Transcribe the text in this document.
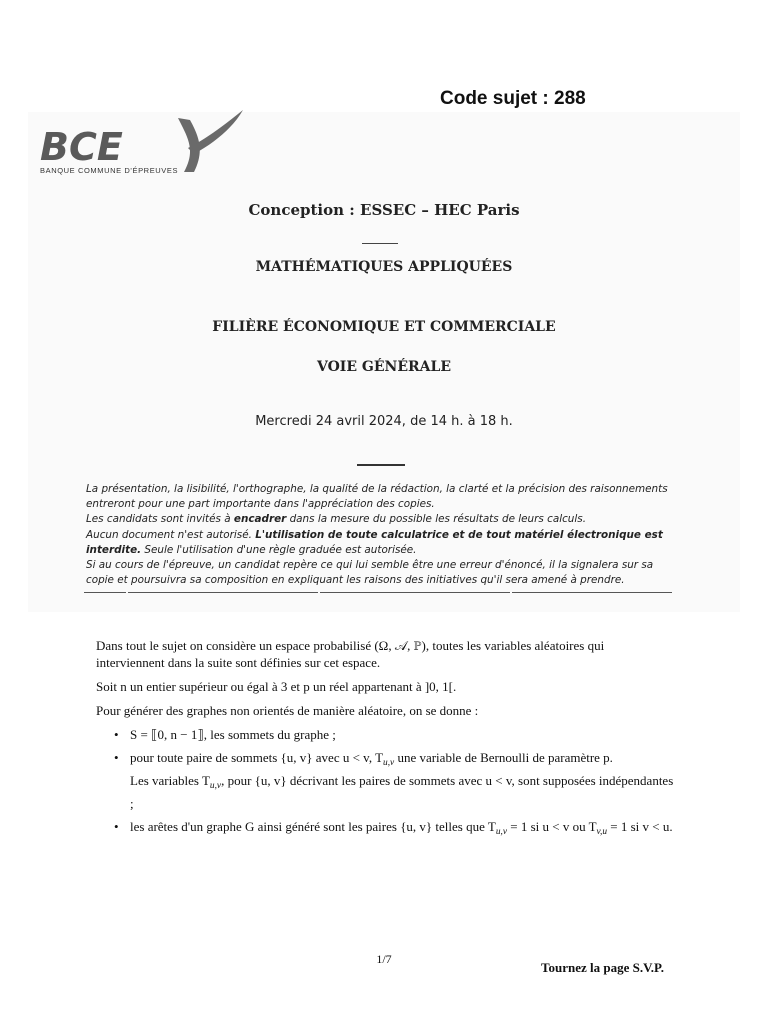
Code sujet : 288
BCE
BANQUE COMMUNE D'ÉPREUVES
Conception : ESSEC – HEC Paris
MATHÉMATIQUES APPLIQUÉES
FILIÈRE ÉCONOMIQUE ET COMMERCIALE
VOIE GÉNÉRALE
Mercredi 24 avril 2024, de 14 h. à 18 h.

La présentation, la lisibilité, l'orthographe, la qualité de la rédaction, la clarté et la précision des raisonnements entreront pour une part importante dans l'appréciation des copies.

Les candidats sont invités à encadrer dans la mesure du possible les résultats de leurs calculs.

Aucun document n'est autorisé. L'utilisation de toute calculatrice et de tout matériel électronique est interdite. Seule l'utilisation d'une règle graduée est autorisée.

Si au cours de l'épreuve, un candidat repère ce qui lui semble être une erreur d'énoncé, il la signalera sur sa copie et poursuivra sa composition en expliquant les raisons des initiatives qu'il sera amené à prendre.

Dans tout le sujet on considère un espace probabilisé (Ω, 𝒜, ℙ), toutes les variables aléatoires qui interviennent dans la suite sont définies sur cet espace.

Soit n un entier supérieur ou égal à 3 et p un réel appartenant à ]0, 1[.

Pour générer des graphes non orientés de manière aléatoire, on se donne :

• S = ⟦0, n − 1⟧, les sommets du graphe ;
• pour toute paire de sommets {u, v} avec u < v, $T_{u,v}$ une variable de Bernoulli de paramètre p.
Les variables $T_{u,v}$, pour {u, v} décrivant les paires de sommets avec u < v, sont supposées indépendantes ;
• les arêtes d'un graphe G ainsi généré sont les paires {u, v} telles que $T_{u,v} = 1$ si u < v ou $T_{v,u} = 1$ si v < u.
1/7
Tournez la page S.V.P.
